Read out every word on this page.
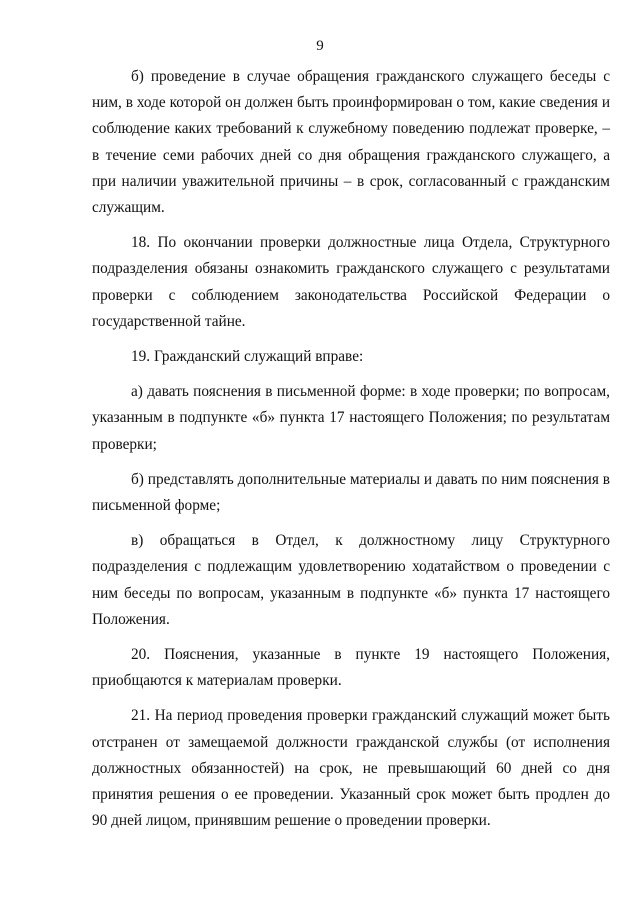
9

б) проведение в случае обращения гражданского служащего беседы с ним, в ходе которой он должен быть проинформирован о том, какие сведения и соблюдение каких требований к служебному поведению подлежат проверке, – в течение семи рабочих дней со дня обращения гражданского служащего, а при наличии уважительной причины – в срок, согласованный с гражданским служащим.

18. По окончании проверки должностные лица Отдела, Структурного подразделения обязаны ознакомить гражданского служащего с результатами проверки с соблюдением законодательства Российской Федерации о государственной тайне.

19. Гражданский служащий вправе:

а) давать пояснения в письменной форме: в ходе проверки; по вопросам, указанным в подпункте «б» пункта 17 настоящего Положения; по результатам проверки;

б) представлять дополнительные материалы и давать по ним пояснения в письменной форме;

в) обращаться в Отдел, к должностному лицу Структурного подразделения с подлежащим удовлетворению ходатайством о проведении с ним беседы по вопросам, указанным в подпункте «б» пункта 17 настоящего Положения.

20. Пояснения, указанные в пункте 19 настоящего Положения, приобщаются к материалам проверки.

21. На период проведения проверки гражданский служащий может быть отстранен от замещаемой должности гражданской службы (от исполнения должностных обязанностей) на срок, не превышающий 60 дней со дня принятия решения о ее проведении. Указанный срок может быть продлен до 90 дней лицом, принявшим решение о проведении проверки.
